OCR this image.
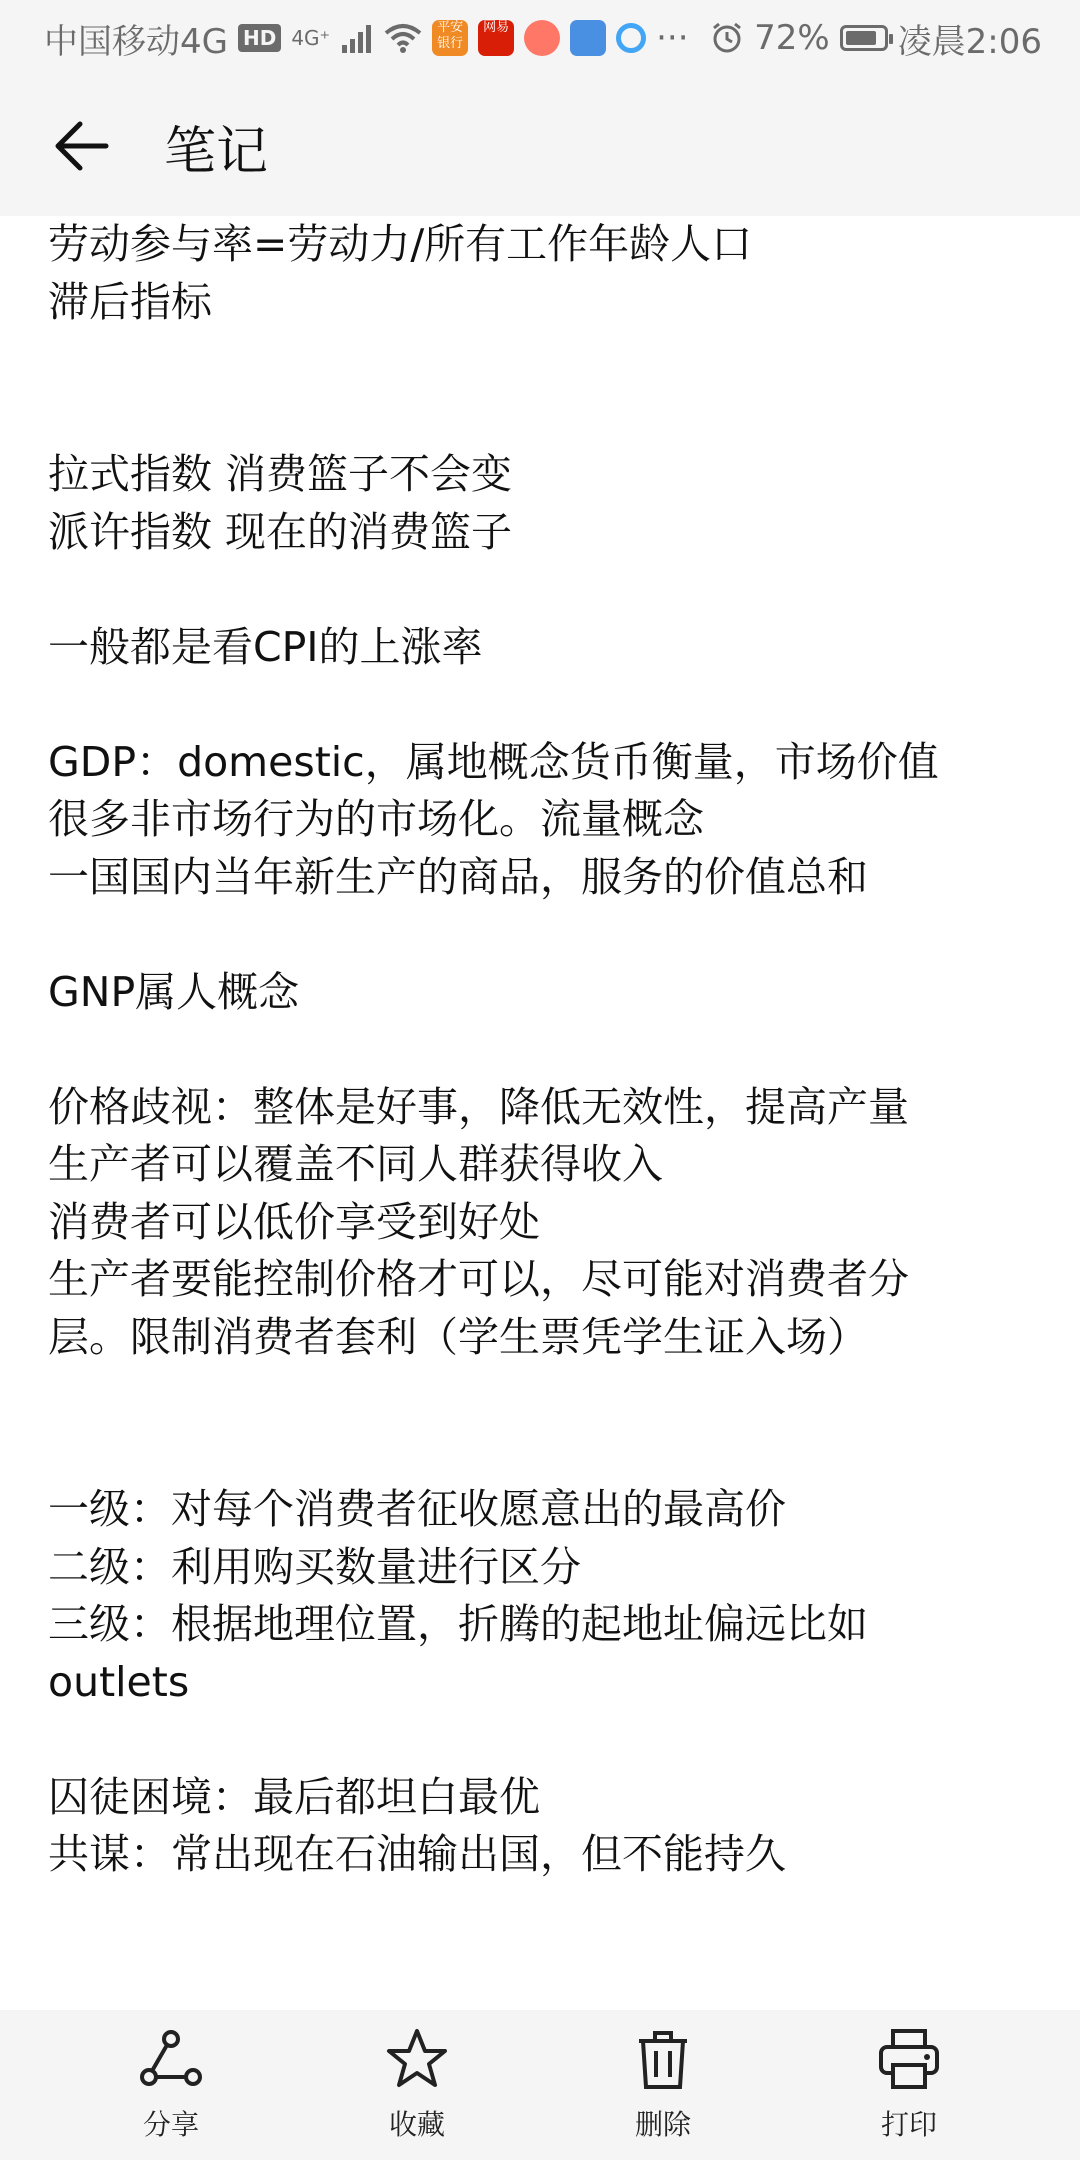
中国移动4G HD 4G⁺	平安银行
网易	··· 72% 凌晨2:06
笔记
劳动参与率=劳动力/所有工作年龄人口
滞后指标
拉式指数 消费篮子不会变
派许指数 现在的消费篮子
一般都是看CPI的上涨率
GDP：domestic，属地概念货币衡量，市场价值
很多非市场行为的市场化。流量概念
一国国内当年新生产的商品，服务的价值总和
GNP属人概念
价格歧视：整体是好事，降低无效性，提高产量
生产者可以覆盖不同人群获得收入
消费者可以低价享受到好处
生产者要能控制价格才可以，尽可能对消费者分
层。限制消费者套利（学生票凭学生证入场）
一级：对每个消费者征收愿意出的最高价
二级：利用购买数量进行区分
三级：根据地理位置，折腾的起地址偏远比如
outlets
囚徒困境：最后都坦白最优
共谋：常出现在石油输出国，但不能持久
分享	收藏	删除	打印
